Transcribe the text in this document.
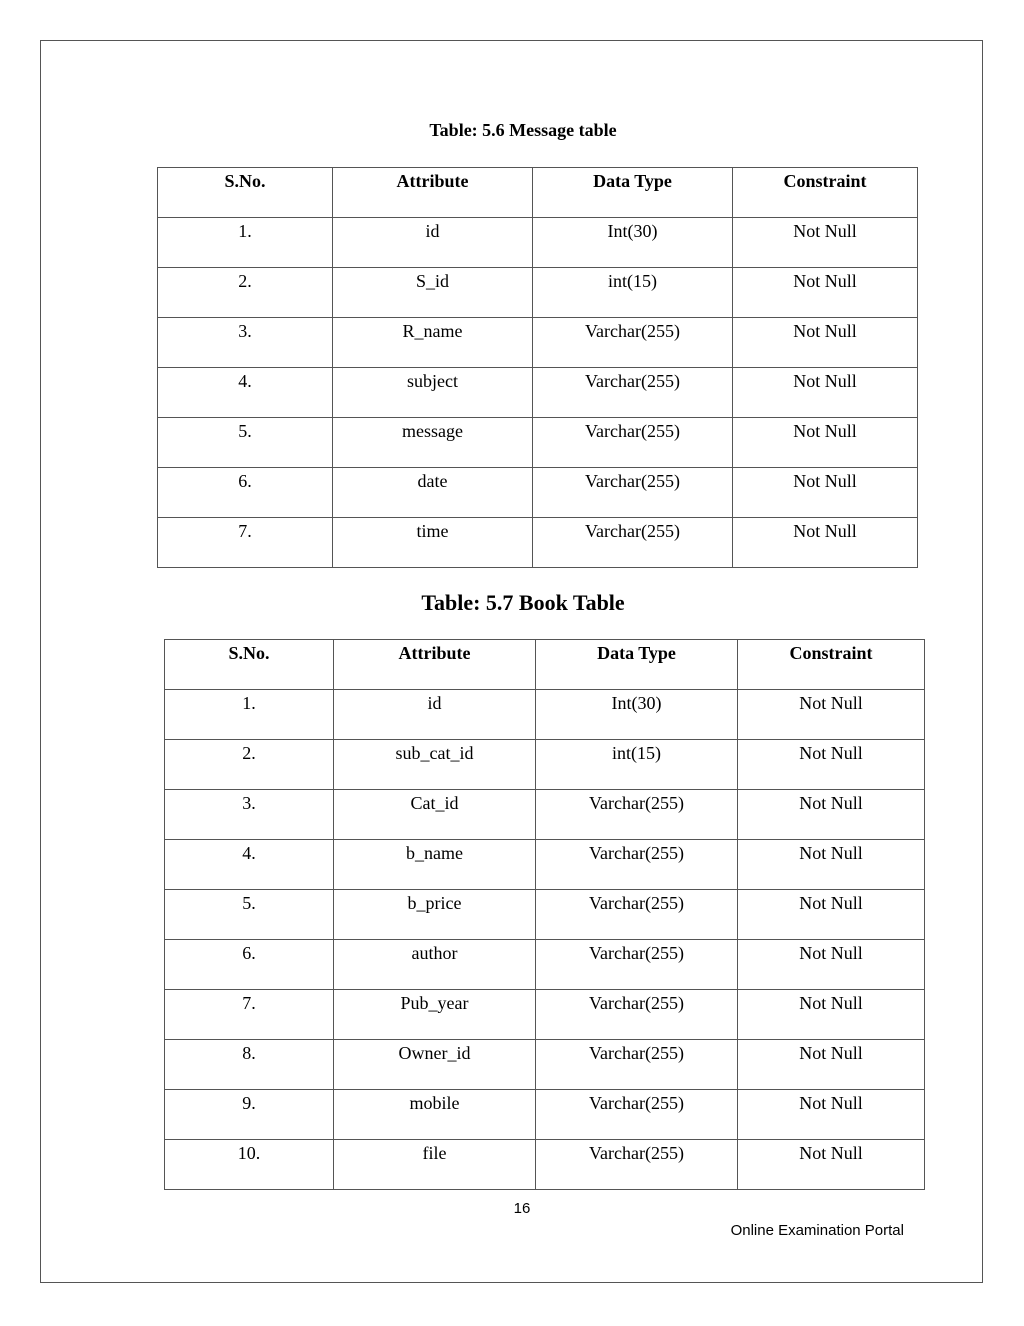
Table: 5.6 Message table
S.No.	Attribute	Data Type	Constraint
1.	id	Int(30)	Not Null
2.	S_id	int(15)	Not Null
3.	R_name	Varchar(255)	Not Null
4.	subject	Varchar(255)	Not Null
5.	message	Varchar(255)	Not Null
6.	date	Varchar(255)	Not Null
7.	time	Varchar(255)	Not Null
Table: 5.7 Book Table
S.No.	Attribute	Data Type	Constraint
1.	id	Int(30)	Not Null
2.	sub_cat_id	int(15)	Not Null
3.	Cat_id	Varchar(255)	Not Null
4.	b_name	Varchar(255)	Not Null
5.	b_price	Varchar(255)	Not Null
6.	author	Varchar(255)	Not Null
7.	Pub_year	Varchar(255)	Not Null
8.	Owner_id	Varchar(255)	Not Null
9.	mobile	Varchar(255)	Not Null
10.	file	Varchar(255)	Not Null
16
Online Examination Portal
